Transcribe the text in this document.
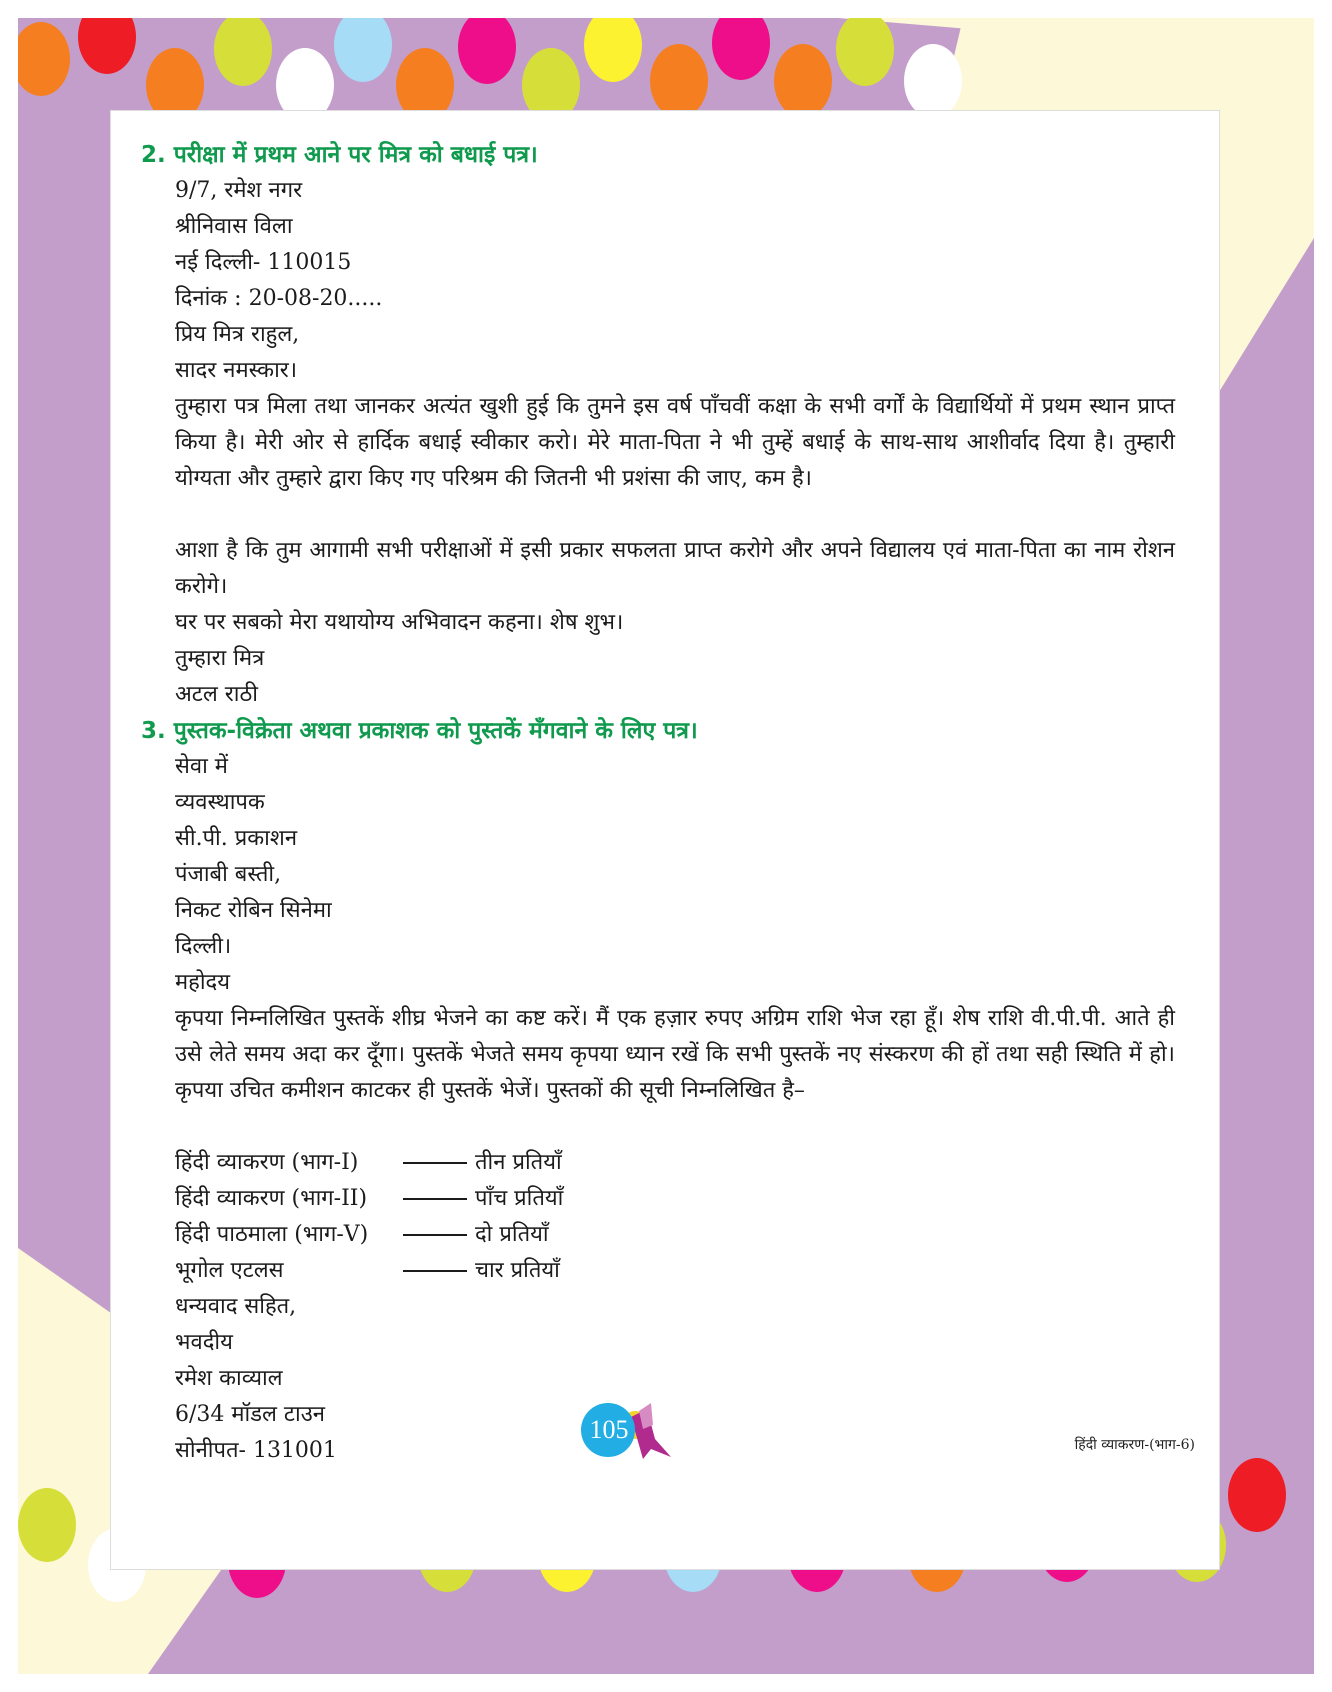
2. परीक्षा में प्रथम आने पर मित्र को बधाई पत्र।
9/7, रमेश नगर
श्रीनिवास विला
नई दिल्ली- 110015
दिनांक : 20-08-20.....
प्रिय मित्र राहुल,
सादर नमस्कार।
तुम्हारा पत्र मिला तथा जानकर अत्यंत खुशी हुई कि तुमने इस वर्ष पाँचवीं कक्षा के सभी वर्गों के विद्यार्थियों में प्रथम स्थान प्राप्त किया है। मेरी ओर से हार्दिक बधाई स्वीकार करो। मेरे माता-पिता ने भी तुम्हें बधाई के साथ-साथ आशीर्वाद दिया है। तुम्हारी योग्यता और तुम्हारे द्वारा किए गए परिश्रम की जितनी भी प्रशंसा की जाए, कम है।
आशा है कि तुम आगामी सभी परीक्षाओं में इसी प्रकार सफलता प्राप्त करोगे और अपने विद्यालय एवं माता-पिता का नाम रोशन करोगे।
घर पर सबको मेरा यथायोग्य अभिवादन कहना। शेष शुभ।
तुम्हारा मित्र
अटल राठी
3. पुस्तक-विक्रेता अथवा प्रकाशक को पुस्तकें मँगवाने के लिए पत्र।
सेवा में
व्यवस्थापक
सी.पी. प्रकाशन
पंजाबी बस्ती,
निकट रोबिन सिनेमा
दिल्ली।
महोदय
कृपया निम्नलिखित पुस्तकें शीघ्र भेजने का कष्ट करें। मैं एक हज़ार रुपए अग्रिम राशि भेज रहा हूँ। शेष राशि वी.पी.पी. आते ही उसे लेते समय अदा कर दूँगा। पुस्तकें भेजते समय कृपया ध्यान रखें कि सभी पुस्तकें नए संस्करण की हों तथा सही स्थिति में हो। कृपया उचित कमीशन काटकर ही पुस्तकें भेजें। पुस्तकों की सूची निम्नलिखित है–
हिंदी व्याकरण (भाग-I)	तीन प्रतियाँ
हिंदी व्याकरण (भाग-II)	पाँच प्रतियाँ
हिंदी पाठमाला (भाग-V)	दो प्रतियाँ
भूगोल एटलस	चार प्रतियाँ
धन्यवाद सहित,
भवदीय
रमेश काव्याल
6/34 मॉडल टाउन
सोनीपत- 131001
105
हिंदी व्याकरण-(भाग-6)
